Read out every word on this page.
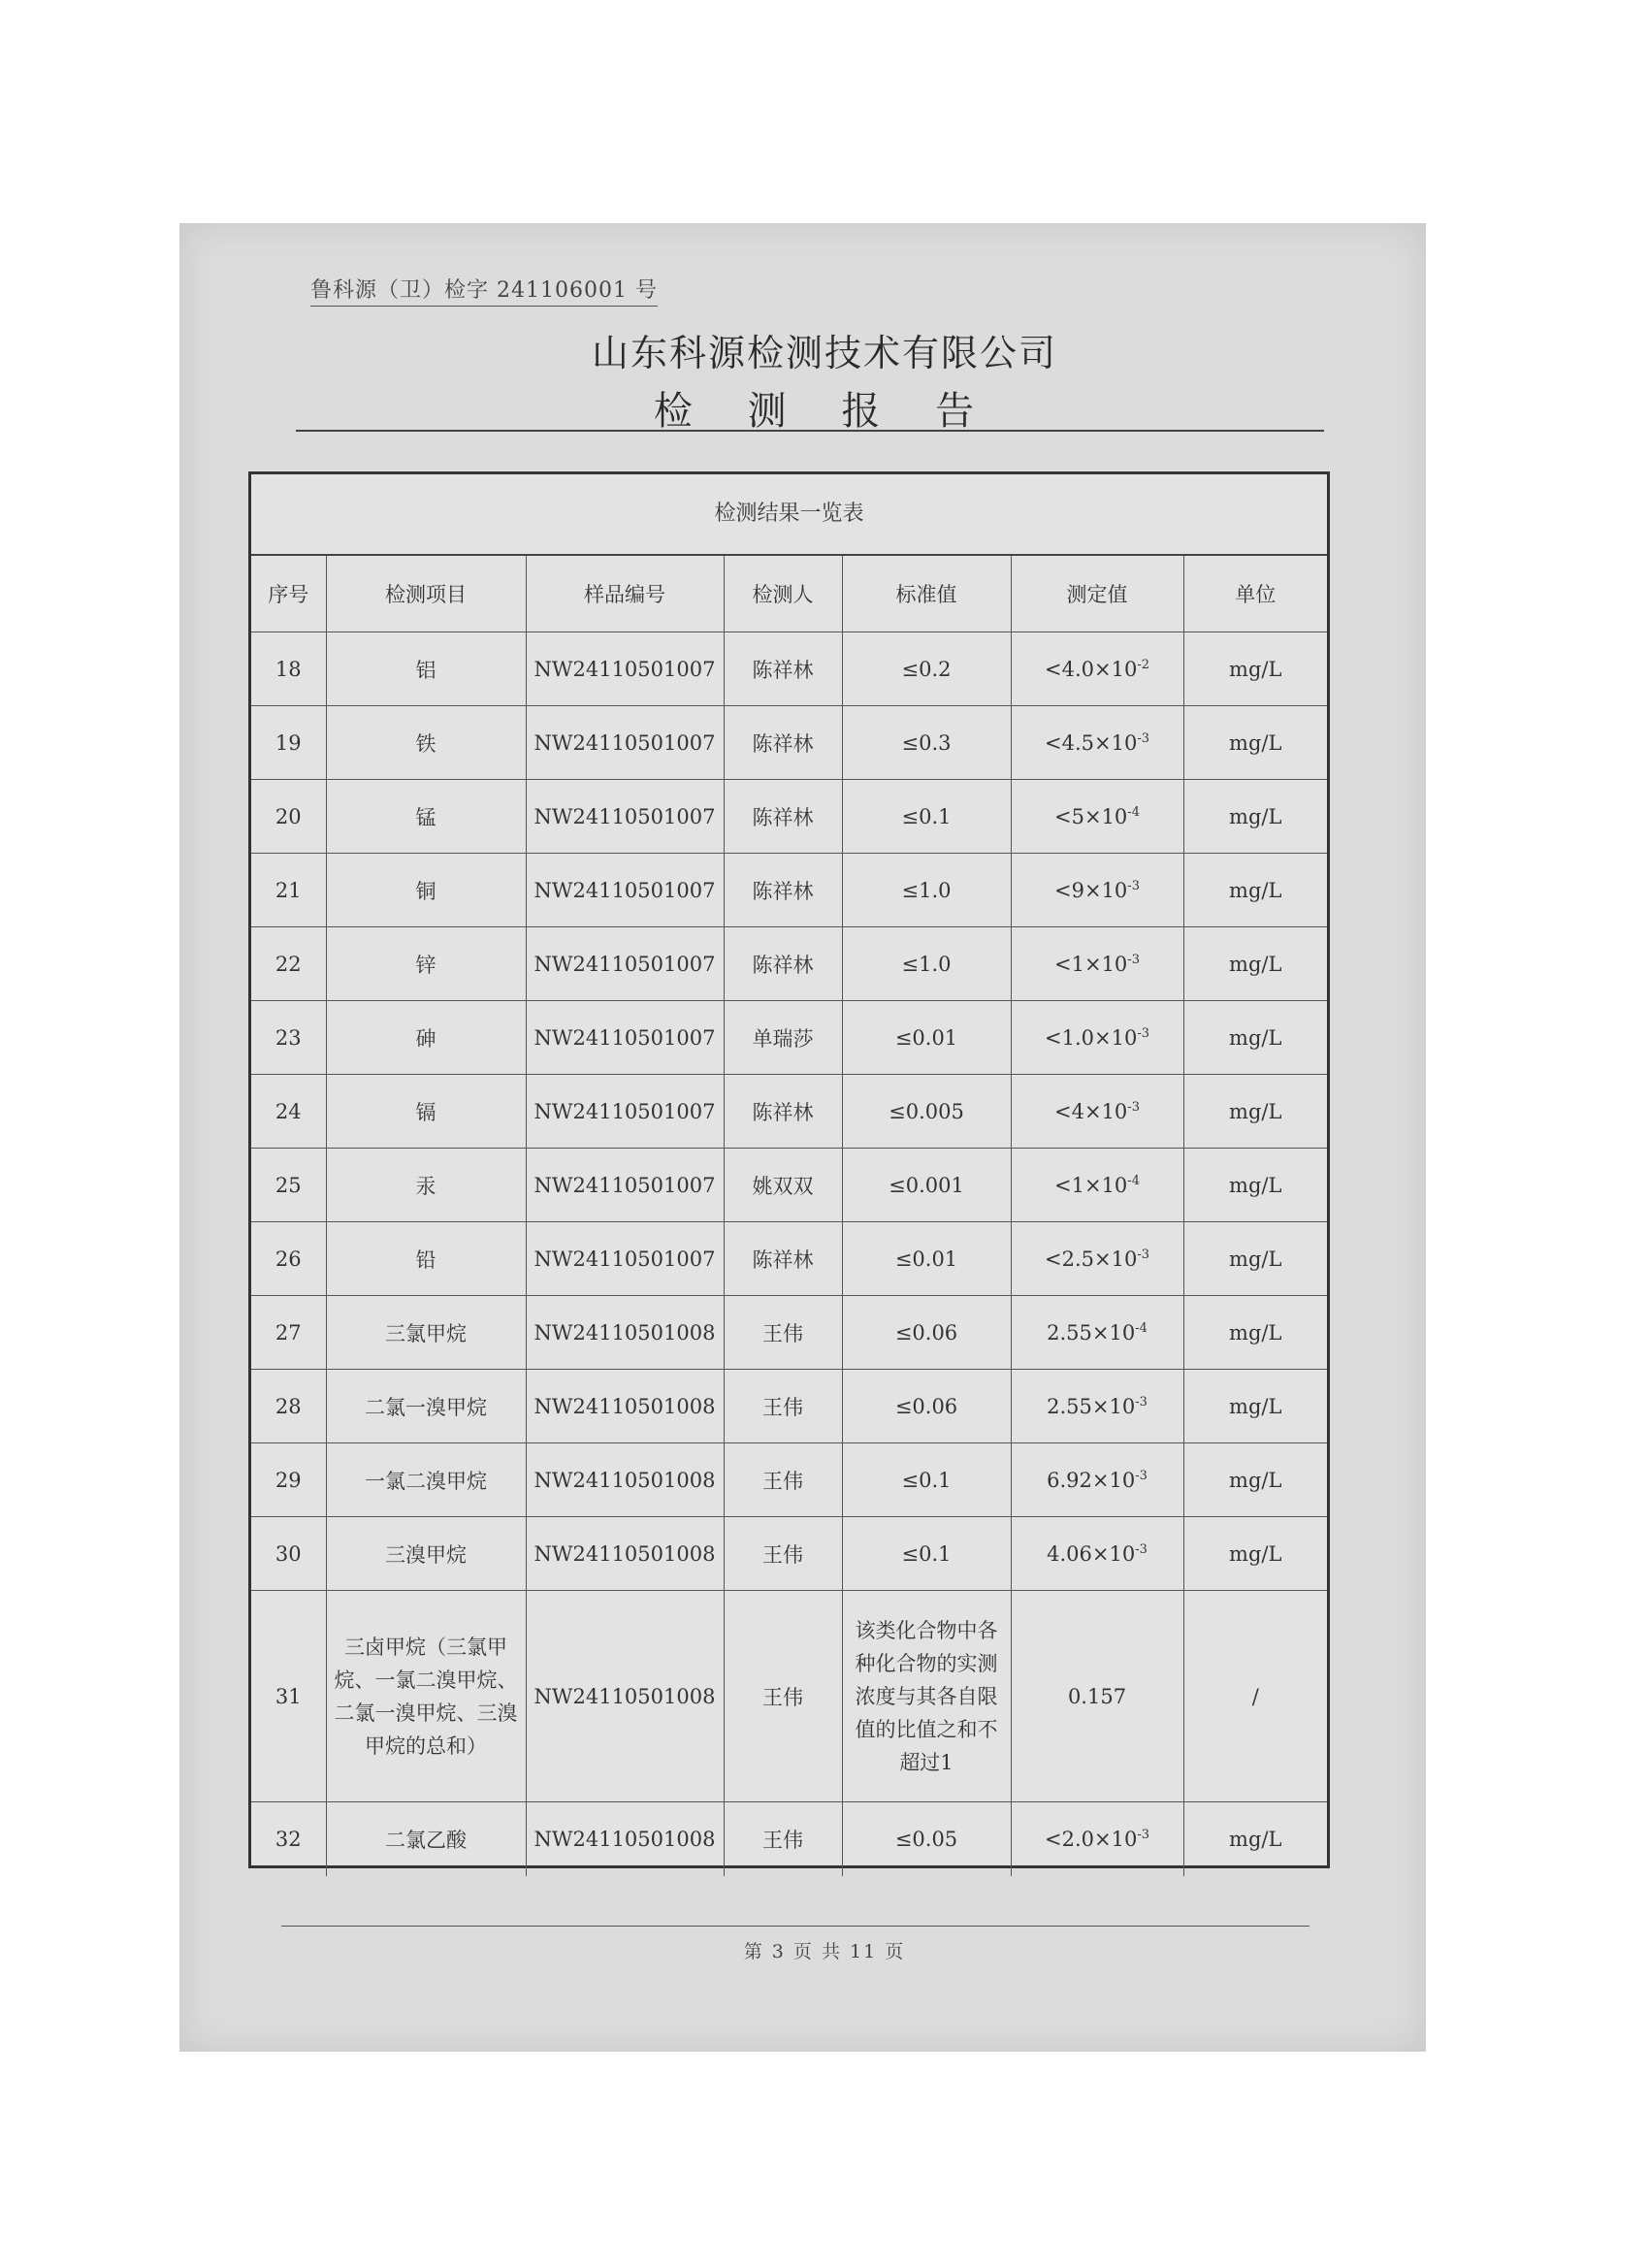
鲁科源（卫）检字 241106001 号
山东科源检测技术有限公司
检 测 报 告
检测结果一览表
序号	检测项目	样品编号	检测人	标准值	测定值	单位
18	铝	NW24110501007	陈祥林	≤0.2	$<4.0\times 10^{-2}$	mg/L
19	铁	NW24110501007	陈祥林	≤0.3	$<4.5\times 10^{-3}$	mg/L
20	锰	NW24110501007	陈祥林	≤0.1	$<5\times 10^{-4}$	mg/L
21	铜	NW24110501007	陈祥林	≤1.0	$<9\times 10^{-3}$	mg/L
22	锌	NW24110501007	陈祥林	≤1.0	$<1\times 10^{-3}$	mg/L
23	砷	NW24110501007	单瑞莎	≤0.01	$<1.0\times 10^{-3}$	mg/L
24	镉	NW24110501007	陈祥林	≤0.005	$<4\times 10^{-3}$	mg/L
25	汞	NW24110501007	姚双双	≤0.001	$<1\times 10^{-4}$	mg/L
26	铅	NW24110501007	陈祥林	≤0.01	$<2.5\times 10^{-3}$	mg/L
27	三氯甲烷	NW24110501008	王伟	≤0.06	$2.55\times 10^{-4}$	mg/L
28	二氯一溴甲烷	NW24110501008	王伟	≤0.06	$2.55\times 10^{-3}$	mg/L
29	一氯二溴甲烷	NW24110501008	王伟	≤0.1	$6.92\times 10^{-3}$	mg/L
30	三溴甲烷	NW24110501008	王伟	≤0.1	$4.06\times 10^{-3}$	mg/L
31	三卤甲烷（三氯甲烷、一氯二溴甲烷、二氯一溴甲烷、三溴甲烷的总和）	NW24110501008	王伟	该类化合物中各种化合物的实测浓度与其各自限值的比值之和不超过1	0.157	/
32	二氯乙酸	NW24110501008	王伟	≤0.05	$<2.0\times 10^{-3}$	mg/L
第 3 页 共 11 页
